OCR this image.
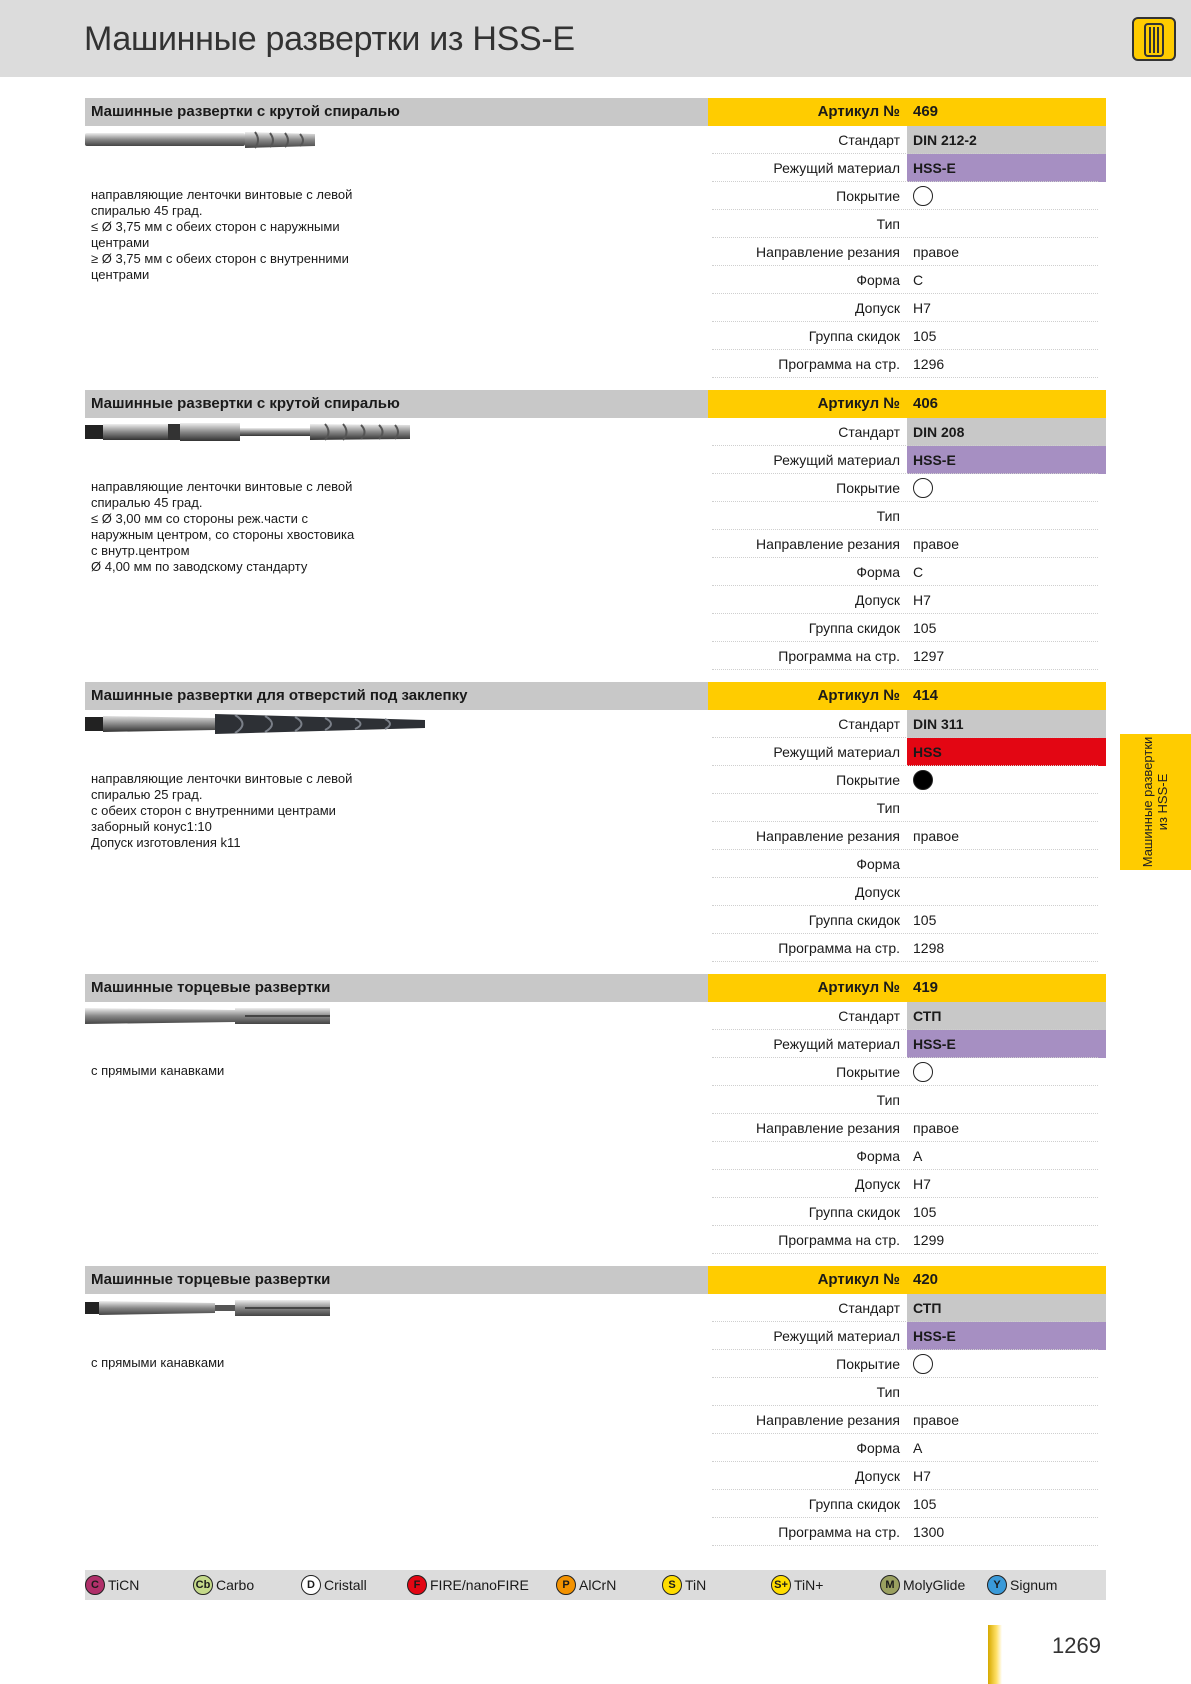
Машинные развертки из HSS-E
Машинные развертки с крутой спиралью	Артикул № 469
направляющие ленточки винтовые с левой
спиралью 45 град.
≤ Ø 3,75 мм с обеих сторон с наружными
центрами
≥ Ø 3,75 мм с обеих сторон с внутренними
центрами
Стандарт DIN 212-2
Режущий материал HSS-E
Покрытие
Тип
Направление резания правое
Форма C
Допуск H7
Группа скидок 105
Программа на стр. 1296
Машинные развертки с крутой спиралью	Артикул № 406
направляющие ленточки винтовые с левой
спиралью 45 град.
≤ Ø 3,00 мм со стороны реж.части с
наружным центром, со стороны хвостовика
с внутр.центром
Ø 4,00 мм по заводскому стандарту
Стандарт DIN 208
Режущий материал HSS-E
Покрытие
Тип
Направление резания правое
Форма C
Допуск H7
Группа скидок 105
Программа на стр. 1297
Машинные развертки для отверстий под заклепку	Артикул № 414
направляющие ленточки винтовые с левой
спиралью 25 град.
с обеих сторон с внутренними центрами
заборный конус1:10
Допуск изготовления k11
Стандарт DIN 311
Режущий материал HSS
Покрытие
Тип
Направление резания правое
Форма
Допуск
Группа скидок 105
Программа на стр. 1298
Машинные торцевые развертки	Артикул № 419
с прямыми канавками
Стандарт СТП
Режущий материал HSS-E
Покрытие
Тип
Направление резания правое
Форма A
Допуск H7
Группа скидок 105
Программа на стр. 1299
Машинные торцевые развертки	Артикул № 420
с прямыми канавками
Стандарт СТП
Режущий материал HSS-E
Покрытие
Тип
Направление резания правое
Форма A
Допуск H7
Группа скидок 105
Программа на стр. 1300
Машинные развертки из HSS-E
C TiCN	Cb Carbo	D Cristall	F FIRE/nanoFIRE	P AlCrN	S TiN	S+ TiN+	M MolyGlide	Y Signum
1269
